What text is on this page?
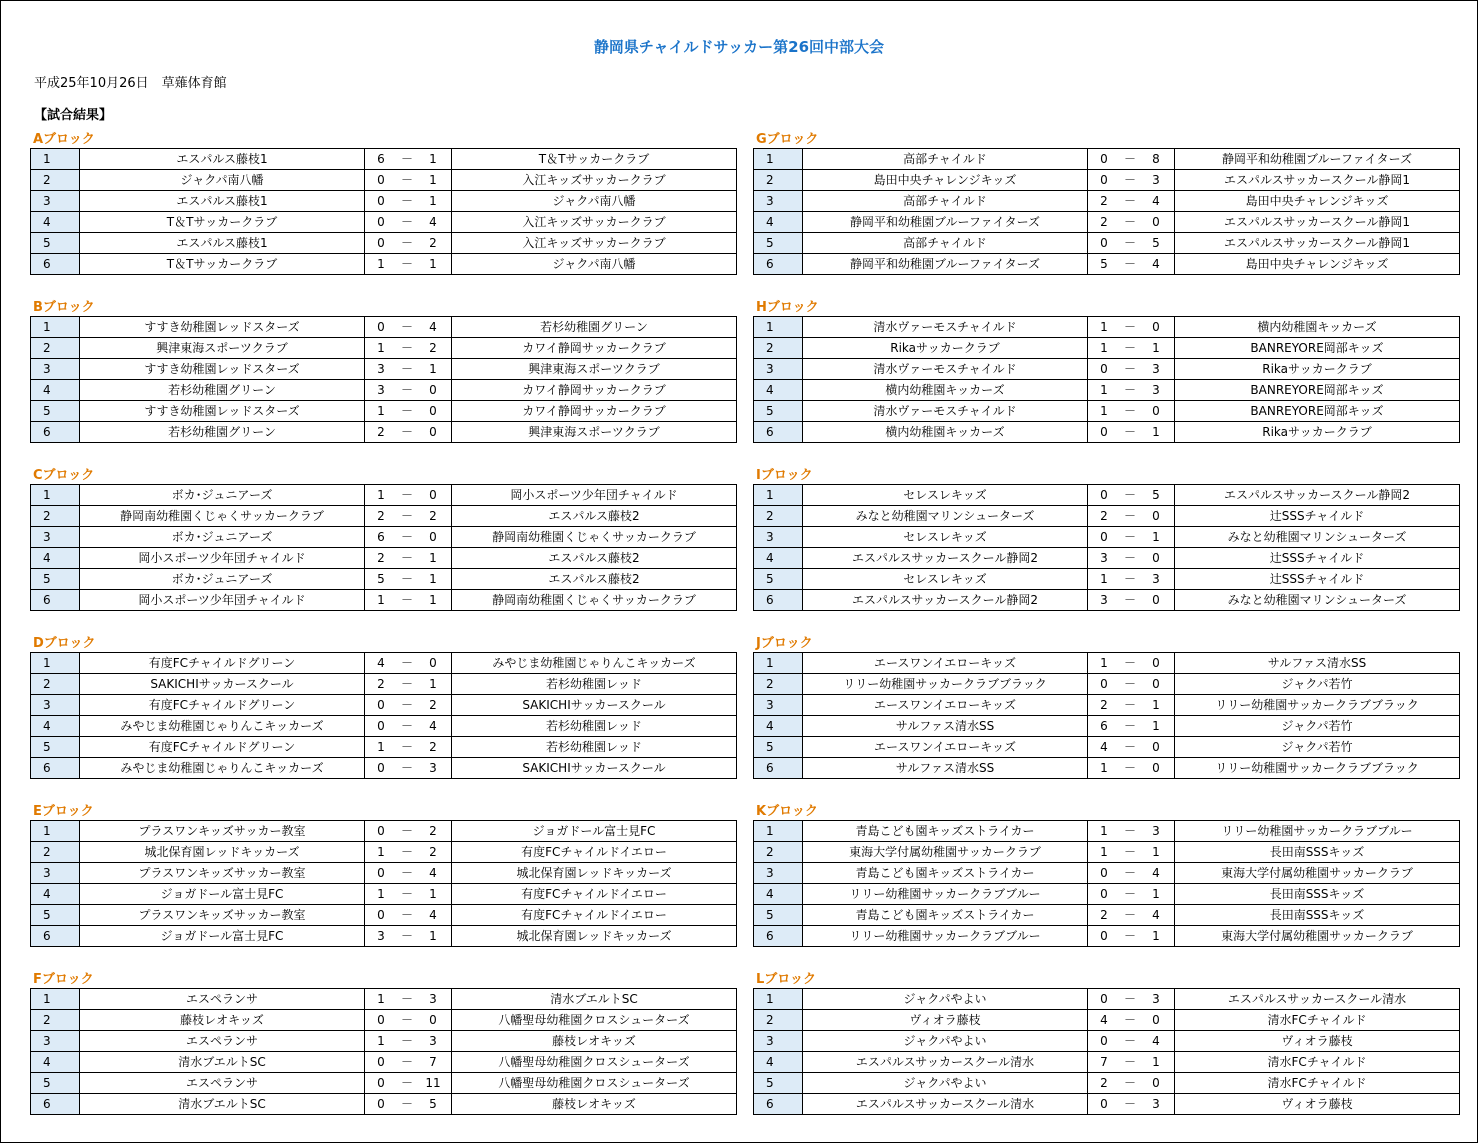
静岡県チャイルドサッカー第26回中部大会
平成25年10月26日　草薙体育館
【試合結果】
Aブロック
1	エスパルス藤枝1	6 － 1	T＆Tサッカークラブ
2	ジャクパ南八幡	0 － 1	入江キッズサッカークラブ
3	エスパルス藤枝1	0 － 1	ジャクパ南八幡
4	T＆Tサッカークラブ	0 － 4	入江キッズサッカークラブ
5	エスパルス藤枝1	0 － 2	入江キッズサッカークラブ
6	T＆Tサッカークラブ	1 － 1	ジャクパ南八幡
Gブロック
1	高部チャイルド	0 － 8	静岡平和幼稚園ブルーファイターズ
2	島田中央チャレンジキッズ	0 － 3	エスパルスサッカースクール静岡1
3	高部チャイルド	2 － 4	島田中央チャレンジキッズ
4	静岡平和幼稚園ブルーファイターズ	2 － 0	エスパルスサッカースクール静岡1
5	高部チャイルド	0 － 5	エスパルスサッカースクール静岡1
6	静岡平和幼稚園ブルーファイターズ	5 － 4	島田中央チャレンジキッズ
Bブロック
1	すすき幼稚園レッドスターズ	0 － 4	若杉幼稚園グリーン
2	興津東海スポーツクラブ	1 － 2	カワイ静岡サッカークラブ
3	すすき幼稚園レッドスターズ	3 － 1	興津東海スポーツクラブ
4	若杉幼稚園グリーン	3 － 0	カワイ静岡サッカークラブ
5	すすき幼稚園レッドスターズ	1 － 0	カワイ静岡サッカークラブ
6	若杉幼稚園グリーン	2 － 0	興津東海スポーツクラブ
Hブロック
1	清水ヴァーモスチャイルド	1 － 0	横内幼稚園キッカーズ
2	Rikaサッカークラブ	1 － 1	BANREYORE岡部キッズ
3	清水ヴァーモスチャイルド	0 － 3	Rikaサッカークラブ
4	横内幼稚園キッカーズ	1 － 3	BANREYORE岡部キッズ
5	清水ヴァーモスチャイルド	1 － 0	BANREYORE岡部キッズ
6	横内幼稚園キッカーズ	0 － 1	Rikaサッカークラブ
Cブロック
1	ボカ･ジュニアーズ	1 － 0	岡小スポーツ少年団チャイルド
2	静岡南幼稚園くじゃくサッカークラブ	2 － 2	エスパルス藤枝2
3	ボカ･ジュニアーズ	6 － 0	静岡南幼稚園くじゃくサッカークラブ
4	岡小スポーツ少年団チャイルド	2 － 1	エスパルス藤枝2
5	ボカ･ジュニアーズ	5 － 1	エスパルス藤枝2
6	岡小スポーツ少年団チャイルド	1 － 1	静岡南幼稚園くじゃくサッカークラブ
Iブロック
1	セレスレキッズ	0 － 5	エスパルスサッカースクール静岡2
2	みなと幼稚園マリンシューターズ	2 － 0	辻SSSチャイルド
3	セレスレキッズ	0 － 1	みなと幼稚園マリンシューターズ
4	エスパルスサッカースクール静岡2	3 － 0	辻SSSチャイルド
5	セレスレキッズ	1 － 3	辻SSSチャイルド
6	エスパルスサッカースクール静岡2	3 － 0	みなと幼稚園マリンシューターズ
Dブロック
1	有度FCチャイルドグリーン	4 － 0	みやじま幼稚園じゃりんこキッカーズ
2	SAKICHIサッカースクール	2 － 1	若杉幼稚園レッド
3	有度FCチャイルドグリーン	0 － 2	SAKICHIサッカースクール
4	みやじま幼稚園じゃりんこキッカーズ	0 － 4	若杉幼稚園レッド
5	有度FCチャイルドグリーン	1 － 2	若杉幼稚園レッド
6	みやじま幼稚園じゃりんこキッカーズ	0 － 3	SAKICHIサッカースクール
Jブロック
1	エースワンイエローキッズ	1 － 0	サルファス清水SS
2	リリー幼稚園サッカークラブブラック	0 － 0	ジャクパ若竹
3	エースワンイエローキッズ	2 － 1	リリー幼稚園サッカークラブブラック
4	サルファス清水SS	6 － 1	ジャクパ若竹
5	エースワンイエローキッズ	4 － 0	ジャクパ若竹
6	サルファス清水SS	1 － 0	リリー幼稚園サッカークラブブラック
Eブロック
1	プラスワンキッズサッカー教室	0 － 2	ジョガドール富士見FC
2	城北保育園レッドキッカーズ	1 － 2	有度FCチャイルドイエロー
3	プラスワンキッズサッカー教室	0 － 4	城北保育園レッドキッカーズ
4	ジョガドール富士見FC	1 － 1	有度FCチャイルドイエロー
5	プラスワンキッズサッカー教室	0 － 4	有度FCチャイルドイエロー
6	ジョガドール富士見FC	3 － 1	城北保育園レッドキッカーズ
Kブロック
1	青島こども園キッズストライカー	1 － 3	リリー幼稚園サッカークラブブルー
2	東海大学付属幼稚園サッカークラブ	1 － 1	長田南SSSキッズ
3	青島こども園キッズストライカー	0 － 4	東海大学付属幼稚園サッカークラブ
4	リリー幼稚園サッカークラブブルー	0 － 1	長田南SSSキッズ
5	青島こども園キッズストライカー	2 － 4	長田南SSSキッズ
6	リリー幼稚園サッカークラブブルー	0 － 1	東海大学付属幼稚園サッカークラブ
Fブロック
1	エスペランサ	1 － 3	清水ブエルトSC
2	藤枝レオキッズ	0 － 0	八幡聖母幼稚園クロスシューターズ
3	エスペランサ	1 － 3	藤枝レオキッズ
4	清水ブエルトSC	0 － 7	八幡聖母幼稚園クロスシューターズ
5	エスペランサ	0 － 11	八幡聖母幼稚園クロスシューターズ
6	清水ブエルトSC	0 － 5	藤枝レオキッズ
Lブロック
1	ジャクパやよい	0 － 3	エスパルスサッカースクール清水
2	ヴィオラ藤枝	4 － 0	清水FCチャイルド
3	ジャクパやよい	0 － 4	ヴィオラ藤枝
4	エスパルスサッカースクール清水	7 － 1	清水FCチャイルド
5	ジャクパやよい	2 － 0	清水FCチャイルド
6	エスパルスサッカースクール清水	0 － 3	ヴィオラ藤枝
